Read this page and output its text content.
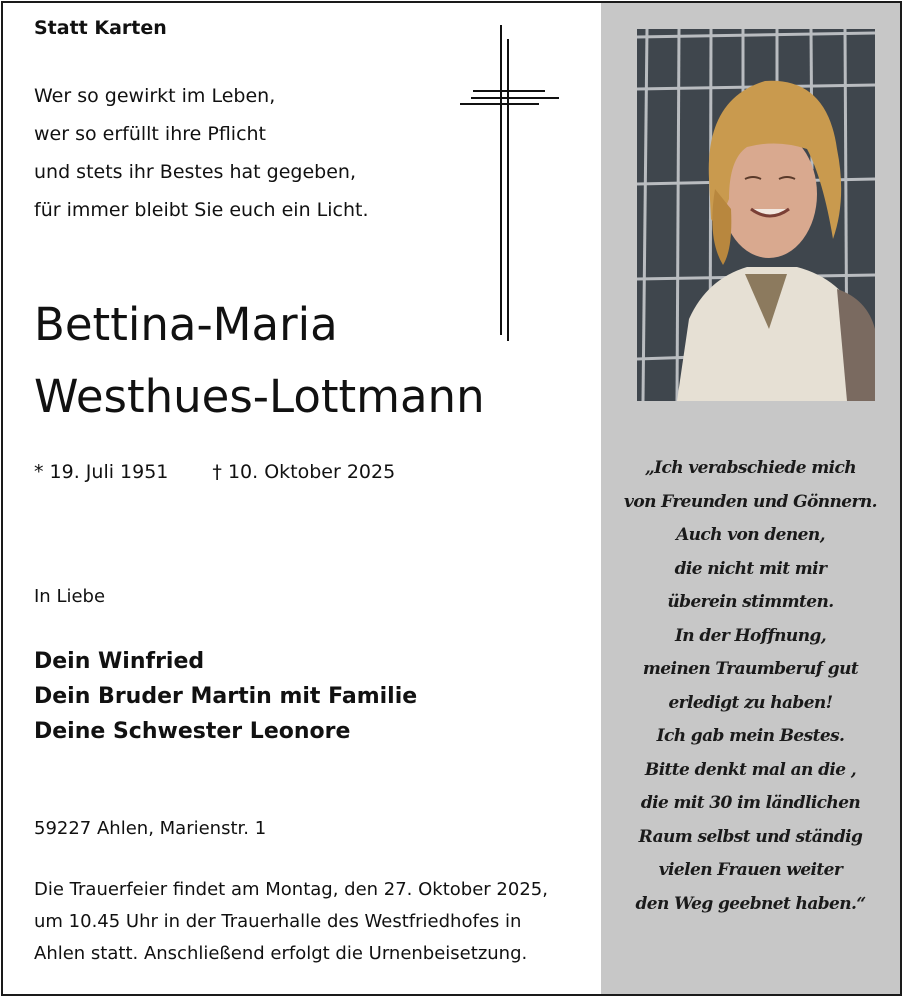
Statt Karten
Wer so gewirkt im Leben,
wer so erfüllt ihre Pflicht
und stets ihr Bestes hat gegeben,
für immer bleibt Sie euch ein Licht.
Bettina-Maria
Westhues-Lottmann
* 19. Juli 1951 † 10. Oktober 2025
In Liebe
Dein Winfried
Dein Bruder Martin mit Familie
Deine Schwester Leonore
59227 Ahlen, Marienstr. 1
Die Trauerfeier findet am Montag, den 27. Oktober 2025,
um 10.45 Uhr in der Trauerhalle des Westfriedhofes in
Ahlen statt. Anschließend erfolgt die Urnenbeisetzung.
„Ich verabschiede mich
von Freunden und Gönnern.
Auch von denen,
die nicht mit mir
überein stimmten.
In der Hoffnung,
meinen Traumberuf gut
erledigt zu haben!
Ich gab mein Bestes.
Bitte denkt mal an die ,
die mit 30 im ländlichen
Raum selbst und ständig
vielen Frauen weiter
den Weg geebnet haben.“
